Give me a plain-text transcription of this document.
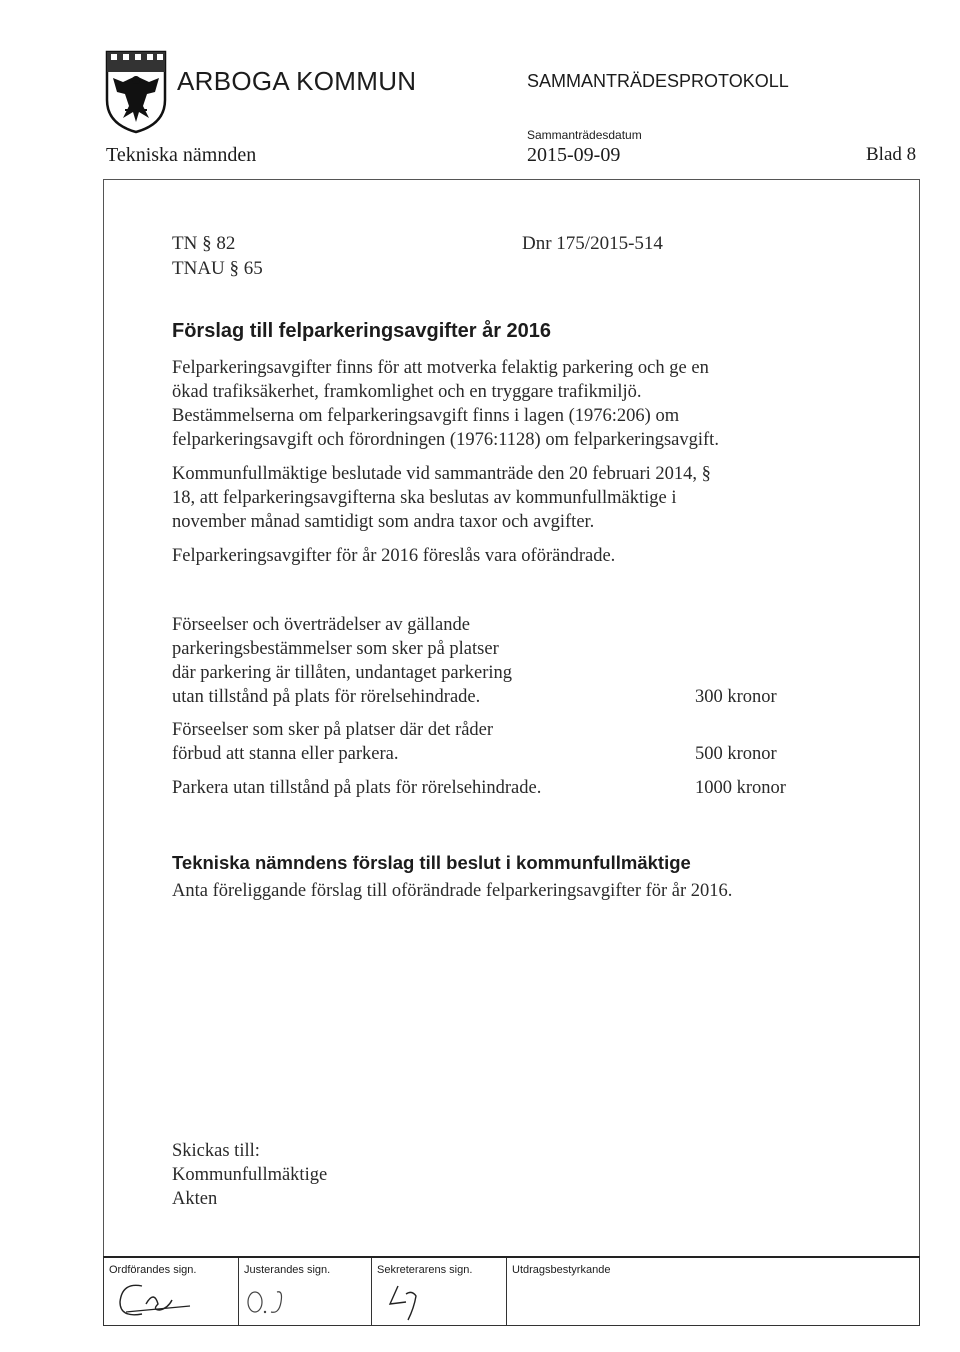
ARBOGA KOMMUN	SAMMANTRÄDESPROTOKOLL
Sammanträdesdatum
Tekniska nämnden	2015-09-09	Blad 8
TN § 82
TNAU § 65
Dnr 175/2015-514
Förslag till felparkeringsavgifter år 2016
Felparkeringsavgifter finns för att motverka felaktig parkering och ge en
ökad trafiksäkerhet, framkomlighet och en tryggare trafikmiljö.
Bestämmelserna om felparkeringsavgift finns i lagen (1976:206) om
felparkeringsavgift och förordningen (1976:1128) om felparkeringsavgift.
Kommunfullmäktige beslutade vid sammanträde den 20 februari 2014, §
18, att felparkeringsavgifterna ska beslutas av kommunfullmäktige i
november månad samtidigt som andra taxor och avgifter.
Felparkeringsavgifter för år 2016 föreslås vara oförändrade.
Förseelser och överträdelser av gällande
parkeringsbestämmelser som sker på platser
där parkering är tillåten, undantaget parkering
utan tillstånd på plats för rörelsehindrade.	300 kronor
Förseelser som sker på platser där det råder
förbud att stanna eller parkera.	500 kronor
Parkera utan tillstånd på plats för rörelsehindrade.	1000 kronor
Tekniska nämndens förslag till beslut i kommunfullmäktige
Anta föreliggande förslag till oförändrade felparkeringsavgifter för år 2016.
Skickas till:
Kommunfullmäktige
Akten
Ordförandes sign.	Justerandes sign.	Sekreterarens sign.	Utdragsbestyrkande
